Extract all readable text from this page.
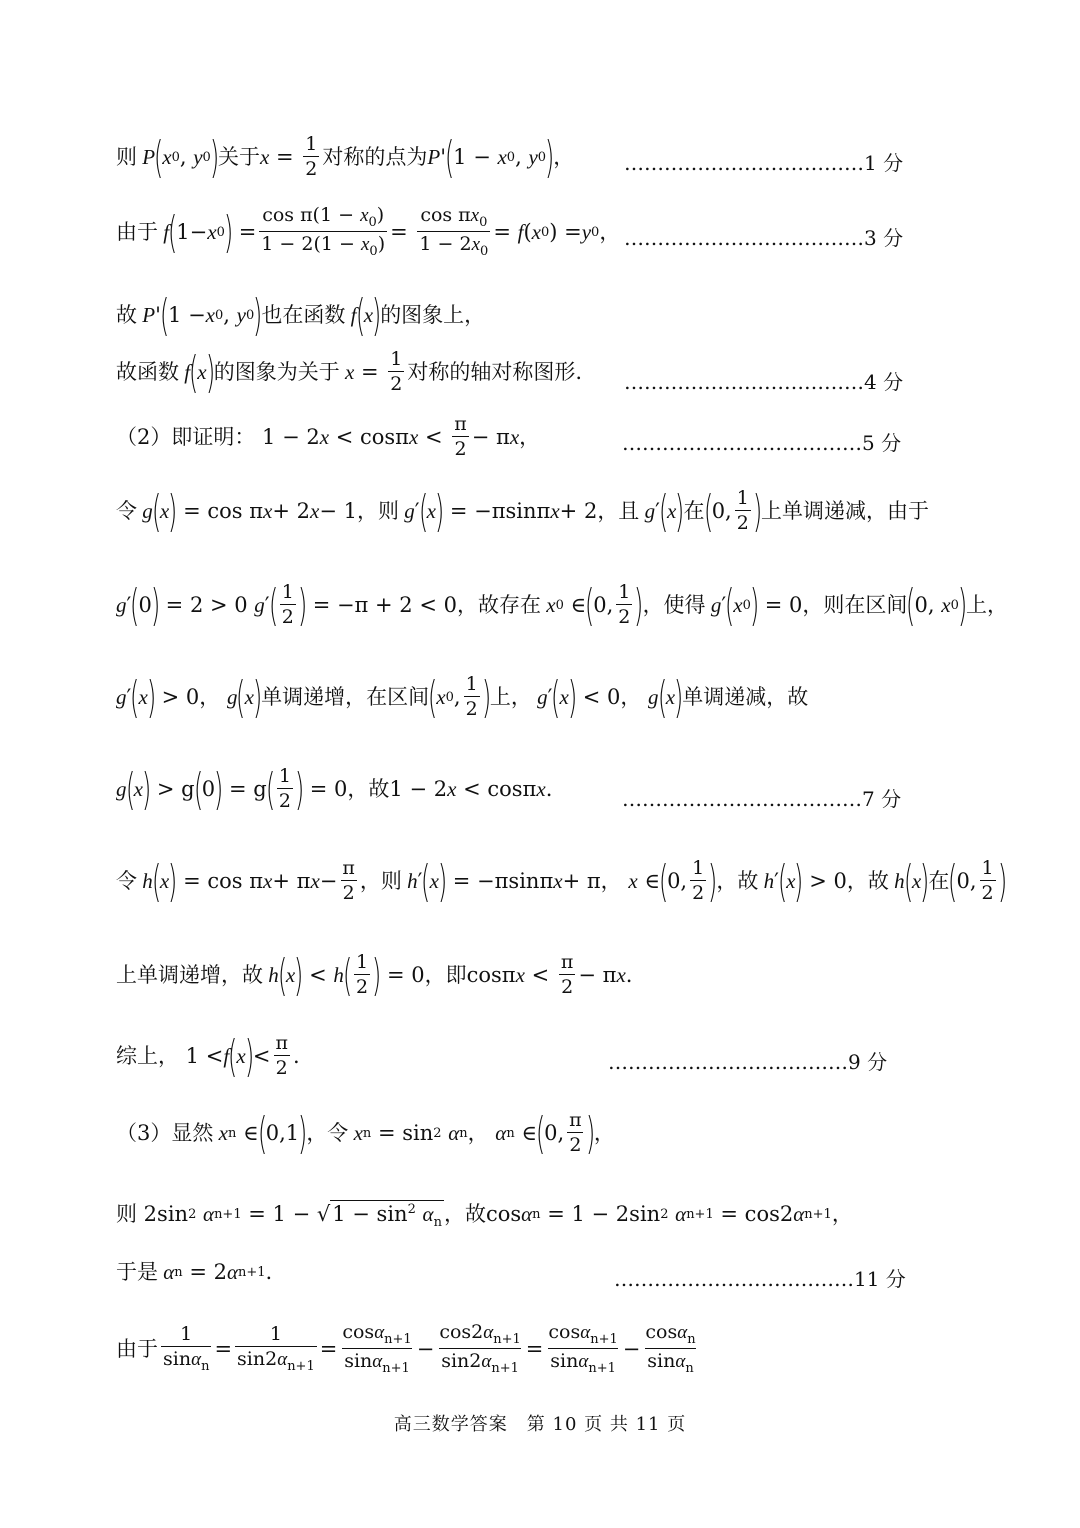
则 P
(
x 0 , y 0
)
关于 $x = \frac{1}{2}$ 对称的点为 P '
(
1 − x 0 , y 0
)
， ………………………………1 分
由于 f
(
1− x 0
)
= $\frac{\cos \pi(1 - x_0)}{1 - 2(1 - x_0)} = \frac{\cos \pi x_0}{1 - 2x_0} = f$ ( x 0 ) = y 0 ， ………………………………3 分
故 P '
(
1 − x 0 , y 0
)
也在函数 f
(
x
)
的图象上，
故函数 f
(
x
)
的图象为关于 $x = \frac{1}{2}$ 对称的轴对称图形. ………………………………4 分
（2）即证明： 1 − 2 x < cosπ $x < \frac{\pi}{2} - \pi$ x ，	………………………………5 分
令 g
(
x
)
= cos π x + 2 x − 1 ，则 g ′
(
x
)
= −πsinπ x + 2 ，且 g ′
(
x
)
在
(
0, $\frac{1}{2}$ )
上单调递减，由于
g ′
(
0
)
= 2 > 0 g ′
( $\frac{1}{2}$ )
= −π + 2 < 0 ，故存在 x 0 ∈
(
0, $\frac{1}{2}$ )
，使得 g ′
(
x 0
)
= 0 ，则在区间
(
0, x 0
)
上，
g ′
(
x
)
> 0， g
(
x
)
单调递增，在区间
(
x 0 , $\frac{1}{2}$ )
上， g ′
(
x
)
< 0， g
(
x
)
单调递减，故
g
(
x
)
> g
(
0
)
= g
( $\frac{1}{2}$ )
= 0 ，故 1 − 2 x < cosπ x .	………………………………7 分
令 h
(
x
)
= cos π x + π $x - \frac{\pi}{2}$ ，则 h ′
(
x
)
= −πsinπ x + π， x ∈
(
0, $\frac{1}{2}$ )
，故 h ′
(
x
)
> 0 ，故 h
(
x
)
在
(
0, $\frac{1}{2}$ )
上单调递增，故 h
(
x
)
< h
( $\frac{1}{2}$ )
= 0 ，即 cosπ $x < \frac{\pi}{2} - \pi$ x .
综上， 1 < f
(
x
)
< $\frac{\pi}{2}$ .	………………………………9 分
（3）显然 x n ∈
(
0,1
)
，令 x n = sin 2
α n ， α n ∈
(
0, $\frac{\pi}{2}$ )
，
则 2sin 2
α n+1 = 1 − √ $1 - \sin^2 \alpha_n$ ，故 cos α n = 1 − 2sin 2
α n+1 = cos2 α n+1 ，
于是 α n = 2 α n+1 .	………………………………11 分
由于 $\frac{1}{\sin\alpha_n} = \frac{1}{\sin 2\alpha_{n+1}} = \frac{\cos\alpha_{n+1}}{\sin\alpha_{n+1}} - \frac{\cos 2\alpha_{n+1}}{\sin 2\alpha_{n+1}} = \frac{\cos\alpha_{n+1}}{\sin\alpha_{n+1}} - \frac{\cos\alpha_n}{\sin\alpha_n}$
高三数学答案　第 10 页 共 11 页
